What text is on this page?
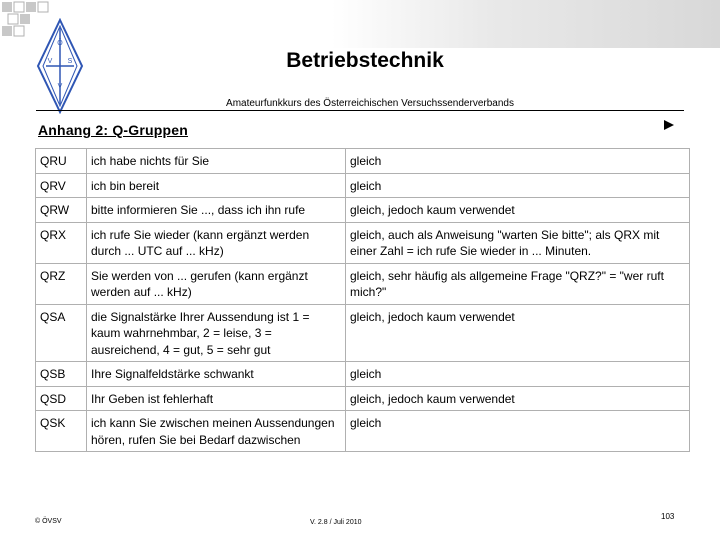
Ö
V S
V
Betriebstechnik
Amateurfunkkurs des Österreichischen Versuchssenderverbands
Anhang 2: Q-Gruppen
QRU	ich habe nichts für Sie	gleich
QRV	ich bin bereit	gleich
QRW	bitte informieren Sie ..., dass ich ihn rufe	gleich, jedoch kaum verwendet
QRX	ich rufe Sie wieder (kann ergänzt werden durch ... UTC auf ... kHz)	gleich, auch als Anweisung "warten Sie bitte"; als QRX mit einer Zahl = ich rufe Sie wieder in ... Minuten.
QRZ	Sie werden von ... gerufen (kann ergänzt werden auf ... kHz)	gleich, sehr häufig als allgemeine Frage "QRZ?" = "wer ruft mich?"
QSA	die Signalstärke Ihrer Aussendung ist 1 = kaum wahrnehmbar, 2 = leise, 3 = ausreichend, 4 = gut, 5 = sehr gut	gleich, jedoch kaum verwendet
QSB	Ihre Signalfeldstärke schwankt	gleich
QSD	Ihr Geben ist fehlerhaft	gleich, jedoch kaum verwendet
QSK	ich kann Sie zwischen meinen Aussendungen hören, rufen Sie bei Bedarf dazwischen	gleich
© ÖVSV	V. 2.8 / Juli 2010
103
